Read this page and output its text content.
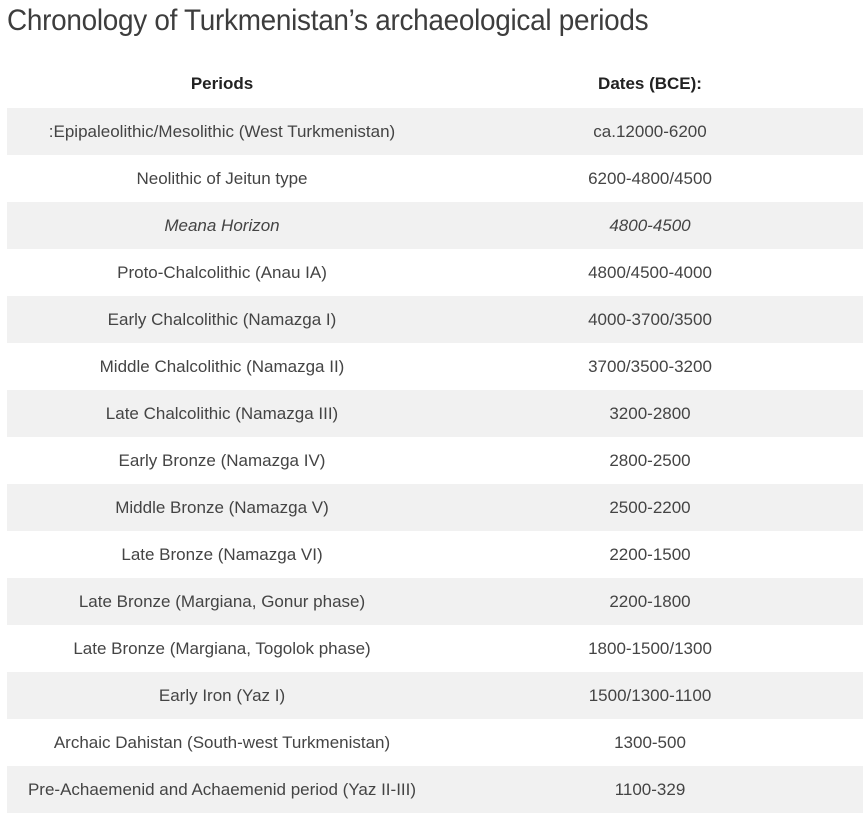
Chronology of Turkmenistan’s archaeological periods
Periods	Dates (BCE):
:Epipaleolithic/Mesolithic (West Turkmenistan)	ca.12000-6200
Neolithic of Jeitun type	6200-4800/4500
Meana Horizon	4800-4500
Proto-Chalcolithic (Anau IA)	4800/4500-4000
Early Chalcolithic (Namazga I)	4000-3700/3500
Middle Chalcolithic (Namazga II)	3700/3500-3200
Late Chalcolithic (Namazga III)	3200-2800
Early Bronze (Namazga IV)	2800-2500
Middle Bronze (Namazga V)	2500-2200
Late Bronze (Namazga VI)	2200-1500
Late Bronze (Margiana, Gonur phase)	2200-1800
Late Bronze (Margiana, Togolok phase)	1800-1500/1300
Early Iron (Yaz I)	1500/1300-1100
Archaic Dahistan (South-west Turkmenistan)	1300-500
Pre-Achaemenid and Achaemenid period (Yaz II-III)	1100-329
